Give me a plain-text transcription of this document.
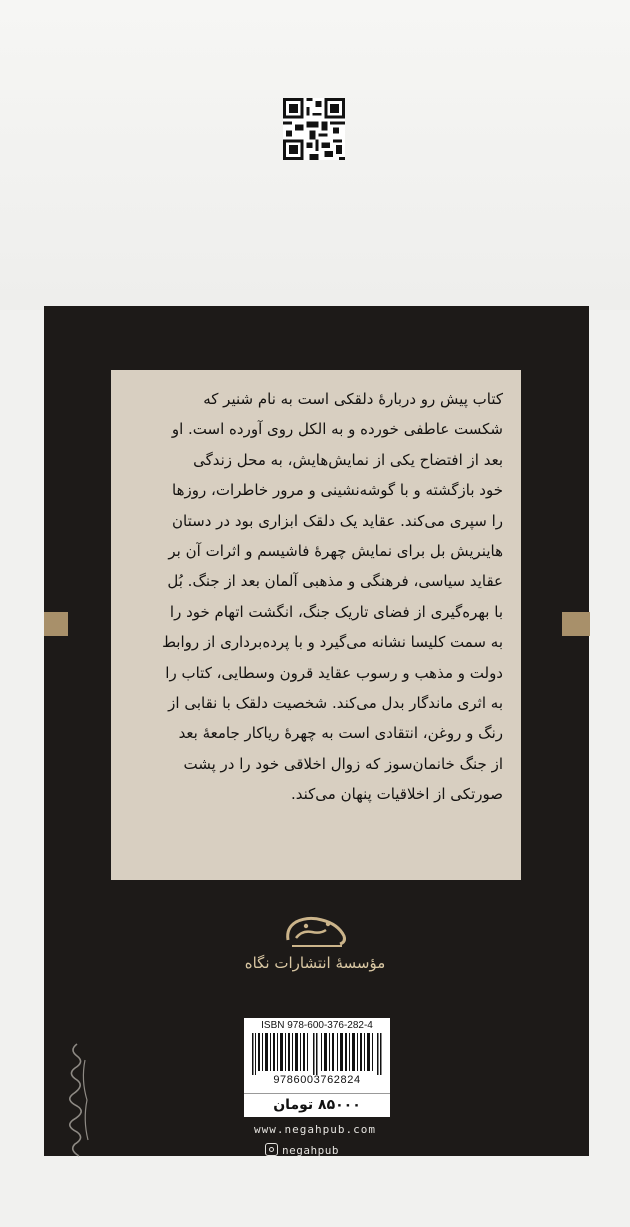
کتاب پیش رو دربارهٔ دلقکی است به نام شنیر که
شکست عاطفی خورده و به الکل روی آورده است. او
بعد از افتضاح یکی از نمایش‌هایش، به محل زندگی
خود بازگشته و با گوشه‌نشینی و مرور خاطرات، روزها
را سپری می‌کند. عقاید یک دلقک ابزاری بود در دستان
هاینریش بل برای نمایش چهرهٔ فاشیسم و اثرات آن بر
عقاید سیاسی، فرهنگی و مذهبی آلمان بعد از جنگ. بُل
با بهره‌گیری از فضای تاریک جنگ، انگشت اتهام خود را
به سمت کلیسا نشانه می‌گیرد و با پرده‌برداری از روابط
دولت و مذهب و رسوب عقاید قرون وسطایی، کتاب را
به اثری ماندگار بدل می‌کند. شخصیت دلقک با نقابی از
رنگ و روغن، انتقادی است به چهرهٔ ریاکار جامعهٔ بعد
از جنگ خانمان‌سوز که زوال اخلاقی خود را در پشت
صورتکی از اخلاقیات پنهان می‌کند.
مؤسسهٔ انتشارات نگاه
ISBN 978-600-376-282-4
9786003762824
۸۵۰۰۰ تومان
www.negahpub.com
negahpub
